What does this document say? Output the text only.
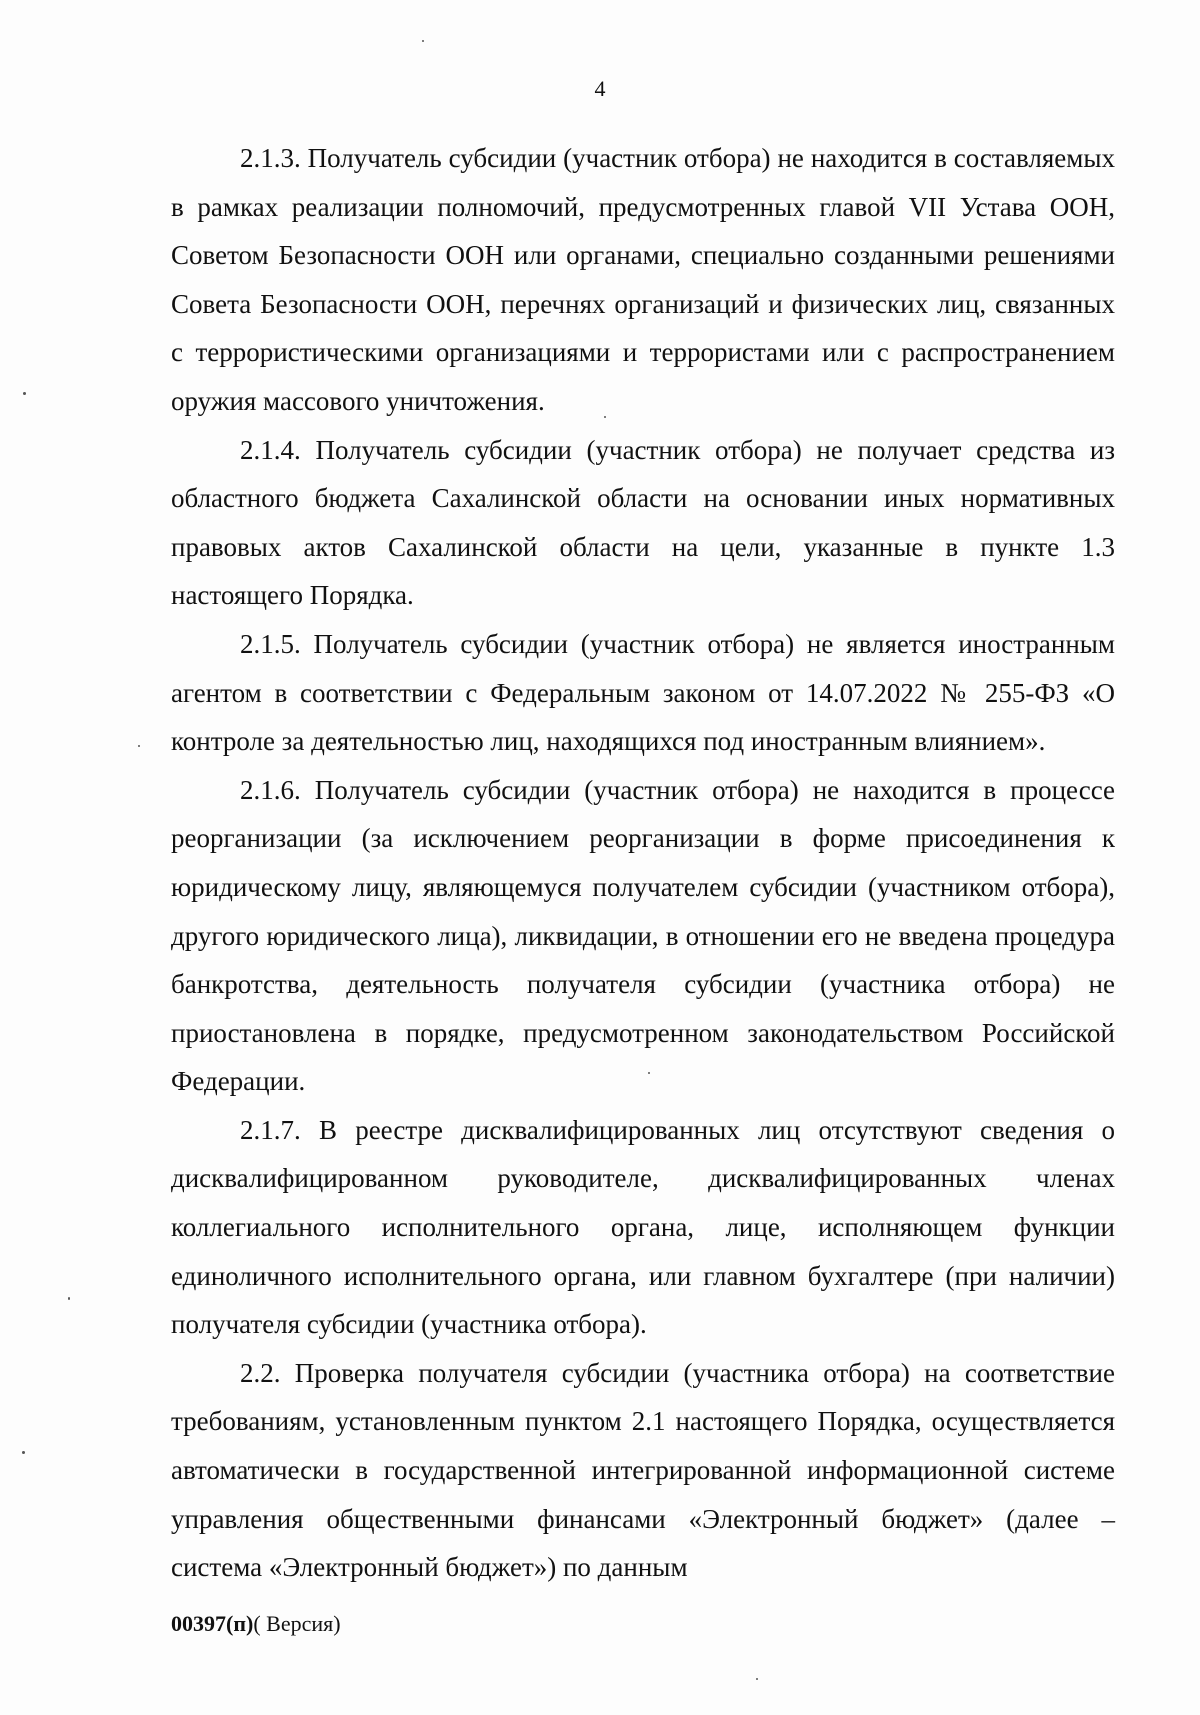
4

2.1.3. Получатель субсидии (участник отбора) не находится в составляемых в рамках реализации полномочий, предусмотренных главой VII Устава ООН, Советом Безопасности ООН или органами, специально созданными решениями Совета Безопасности ООН, перечнях организаций и физических лиц, связанных с террористическими организациями и террористами или с распространением оружия массового уничтожения.

2.1.4. Получатель субсидии (участник отбора) не получает средства из областного бюджета Сахалинской области на основании иных нормативных правовых актов Сахалинской области на цели, указанные в пункте 1.3 настоящего Порядка.

2.1.5. Получатель субсидии (участник отбора) не является иностранным агентом в соответствии с Федеральным законом от 14.07.2022 № 255-ФЗ «О контроле за деятельностью лиц, находящихся под иностранным влиянием».

2.1.6. Получатель субсидии (участник отбора) не находится в процессе реорганизации (за исключением реорганизации в форме присоединения к юридическому лицу, являющемуся получателем субсидии (участником отбора), другого юридического лица), ликвидации, в отношении его не введена процедура банкротства, деятельность получателя субсидии (участника отбора) не приостановлена в порядке, предусмотренном законодательством Российской Федерации.

2.1.7. В реестре дисквалифицированных лиц отсутствуют сведения о дисквалифицированном руководителе, дисквалифицированных членах коллегиального исполнительного органа, лице, исполняющем функции единоличного исполнительного органа, или главном бухгалтере (при наличии) получателя субсидии (участника отбора).

2.2. Проверка получателя субсидии (участника отбора) на соответствие требованиям, установленным пунктом 2.1 настоящего Порядка, осуществляется автоматически в государственной интегрированной информационной системе управления общественными финансами «Электронный бюджет» (далее – система «Электронный бюджет») по данным

00397(п)( Версия)
